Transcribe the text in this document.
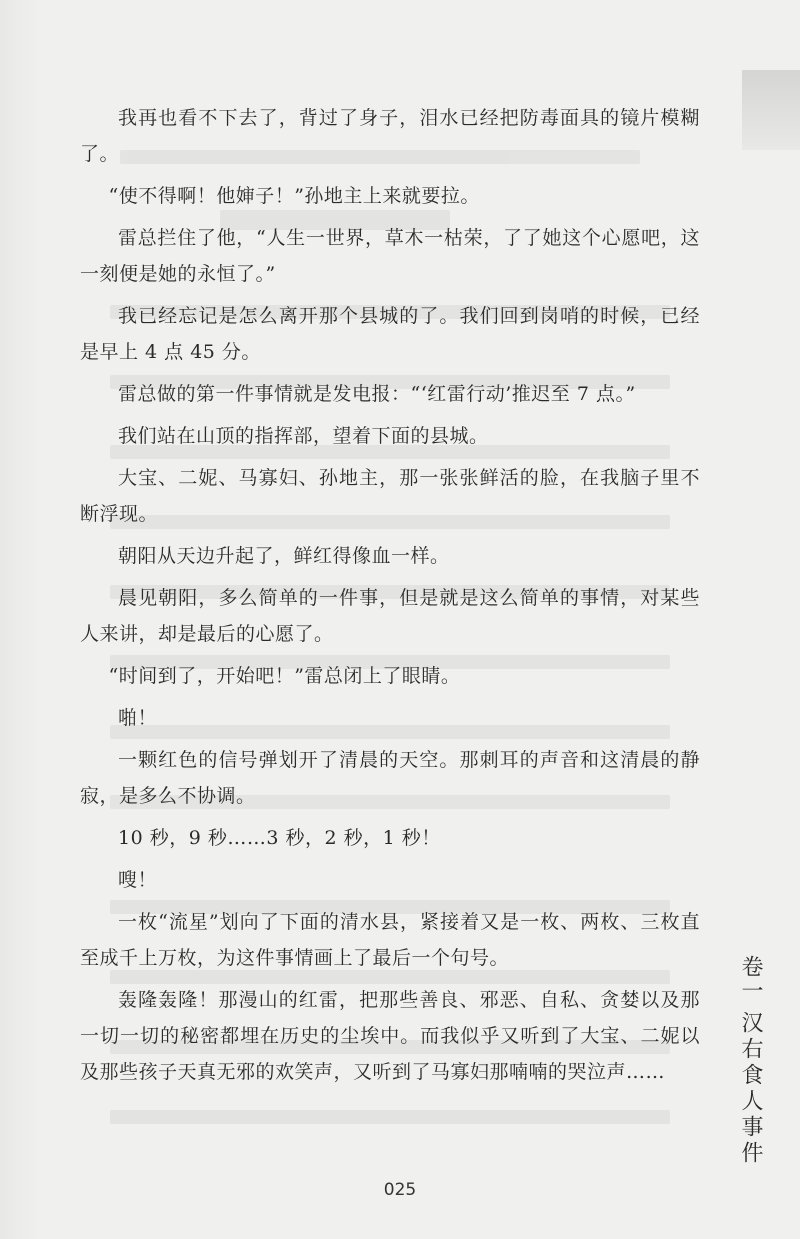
我再也看不下去了，背过了身子，泪水已经把防毒面具的镜片模糊了。

“使不得啊！他婶子！”孙地主上来就要拉。

雷总拦住了他，“人生一世界，草木一枯荣，了了她这个心愿吧，这一刻便是她的永恒了。”

我已经忘记是怎么离开那个县城的了。我们回到岗哨的时候，已经是早上 4 点 45 分。

雷总做的第一件事情就是发电报：“‘红雷行动’推迟至 7 点。”

我们站在山顶的指挥部，望着下面的县城。

大宝、二妮、马寡妇、孙地主，那一张张鲜活的脸，在我脑子里不断浮现。

朝阳从天边升起了，鲜红得像血一样。

晨见朝阳，多么简单的一件事，但是就是这么简单的事情，对某些人来讲，却是最后的心愿了。

“时间到了，开始吧！”雷总闭上了眼睛。

啪！

一颗红色的信号弹划开了清晨的天空。那刺耳的声音和这清晨的静寂，是多么不协调。

10 秒，9 秒……3 秒，2 秒，1 秒！

嗖！

一枚“流星”划向了下面的清水县，紧接着又是一枚、两枚、三枚直至成千上万枚，为这件事情画上了最后一个句号。

轰隆轰隆！那漫山的红雷，把那些善良、邪恶、自私、贪婪以及那一切一切的秘密都埋在历史的尘埃中。而我似乎又听到了大宝、二妮以及那些孩子天真无邪的欢笑声，又听到了马寡妇那喃喃的哭泣声……

卷一
汉右食人事件
025
